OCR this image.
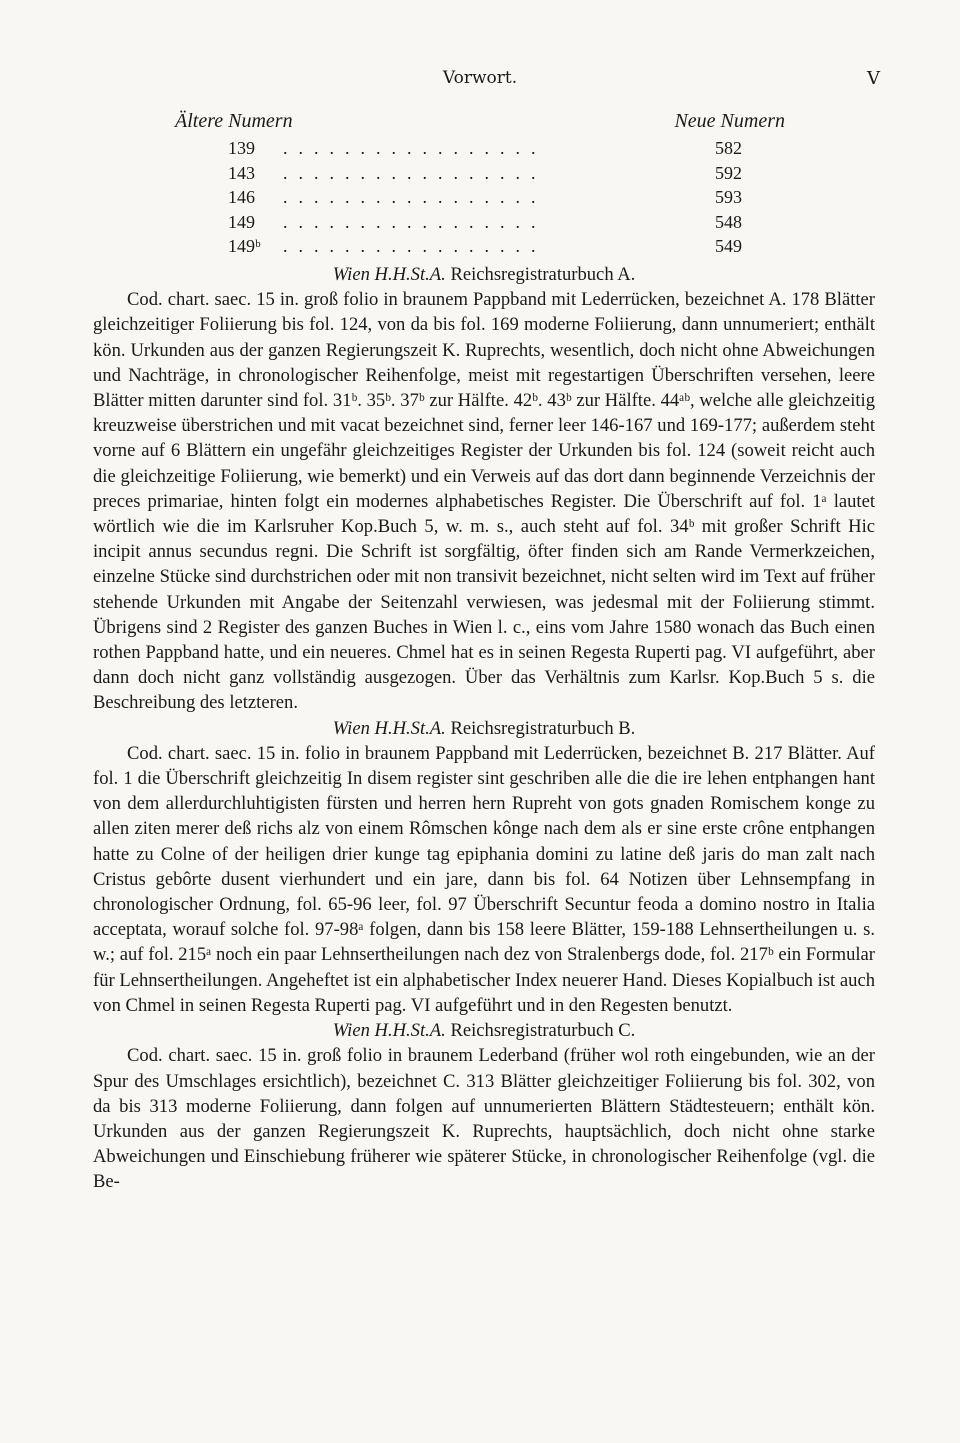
Vorwort.	V
Ältere Numern	Neue Numern
139 .................	582
143 .................	592
146 .................	593
149 .................	548
149ᵇ .................	549
Wien H.H.St.A. Reichsregistraturbuch A.

Cod. chart. saec. 15 in. groß folio in braunem Pappband mit Lederrücken, bezeichnet A. 178 Blätter gleichzeitiger Foliierung bis fol. 124, von da bis fol. 169 moderne Foliierung, dann unnumeriert; enthält kön. Urkunden aus der ganzen Regierungszeit K. Ruprechts, wesentlich, doch nicht ohne Abweichungen und Nachträge, in chronologischer Reihenfolge, meist mit regestartigen Überschriften versehen, leere Blätter mitten darunter sind fol. 31ᵇ. 35ᵇ. 37ᵇ zur Hälfte. 42ᵇ. 43ᵇ zur Hälfte. 44ᵃᵇ, welche alle gleichzeitig kreuzweise überstrichen und mit vacat bezeichnet sind, ferner leer 146-167 und 169-177; außerdem steht vorne auf 6 Blättern ein ungefähr gleichzeitiges Register der Urkunden bis fol. 124 (soweit reicht auch die gleichzeitige Foliierung, wie bemerkt) und ein Verweis auf das dort dann beginnende Verzeichnis der preces primariae, hinten folgt ein modernes alphabetisches Register. Die Überschrift auf fol. 1ᵃ lautet wörtlich wie die im Karlsruher Kop.Buch 5, w. m. s., auch steht auf fol. 34ᵇ mit großer Schrift Hic incipit annus secundus regni. Die Schrift ist sorgfältig, öfter finden sich am Rande Vermerkzeichen, einzelne Stücke sind durchstrichen oder mit non transivit bezeichnet, nicht selten wird im Text auf früher stehende Urkunden mit Angabe der Seitenzahl verwiesen, was jedesmal mit der Foliierung stimmt. Übrigens sind 2 Register des ganzen Buches in Wien l. c., eins vom Jahre 1580 wonach das Buch einen rothen Pappband hatte, und ein neueres. Chmel hat es in seinen Regesta Ruperti pag. VI aufgeführt, aber dann doch nicht ganz vollständig ausgezogen. Über das Verhältnis zum Karlsr. Kop.Buch 5 s. die Beschreibung des letzteren.

Wien H.H.St.A. Reichsregistraturbuch B.

Cod. chart. saec. 15 in. folio in braunem Pappband mit Lederrücken, bezeichnet B. 217 Blätter. Auf fol. 1 die Überschrift gleichzeitig In disem register sint geschriben alle die die ire lehen entphangen hant von dem allerdurchluhtigisten fürsten und herren hern Rupreht von gots gnaden Romischem konge zu allen ziten merer deß richs alz von einem Rômschen kônge nach dem als er sine erste crône entphangen hatte zu Colne of der heiligen drier kunge tag epiphania domini zu latine deß jaris do man zalt nach Cristus gebôrte dusent vierhundert und ein jare, dann bis fol. 64 Notizen über Lehnsempfang in chronologischer Ordnung, fol. 65-96 leer, fol. 97 Überschrift Secuntur feoda a domino nostro in Italia acceptata, worauf solche fol. 97-98ᵃ folgen, dann bis 158 leere Blätter, 159-188 Lehnsertheilungen u. s. w.; auf fol. 215ᵃ noch ein paar Lehnsertheilungen nach dez von Stralenbergs dode, fol. 217ᵇ ein Formular für Lehnsertheilungen. Angeheftet ist ein alphabetischer Index neuerer Hand. Dieses Kopialbuch ist auch von Chmel in seinen Regesta Ruperti pag. VI aufgeführt und in den Regesten benutzt.

Wien H.H.St.A. Reichsregistraturbuch C.

Cod. chart. saec. 15 in. groß folio in braunem Lederband (früher wol roth eingebunden, wie an der Spur des Umschlages ersichtlich), bezeichnet C. 313 Blätter gleichzeitiger Foliierung bis fol. 302, von da bis 313 moderne Foliierung, dann folgen auf unnumerierten Blättern Städtesteuern; enthält kön. Urkunden aus der ganzen Regierungszeit K. Ruprechts, hauptsächlich, doch nicht ohne starke Abweichungen und Einschiebung früherer wie späterer Stücke, in chronologischer Reihenfolge (vgl. die Be-
